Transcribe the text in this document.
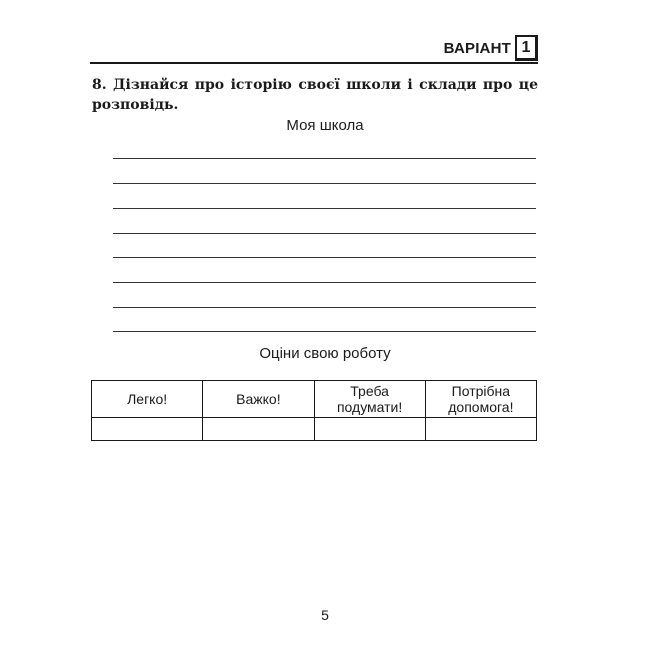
ВАРІАНТ 1
8. Дізнайся про історію своєї школи і склади про це розповідь.
Моя школа
Оціни свою роботу
Легко!	Важко!	Треба подумати!	Потрібна допомога!

5
